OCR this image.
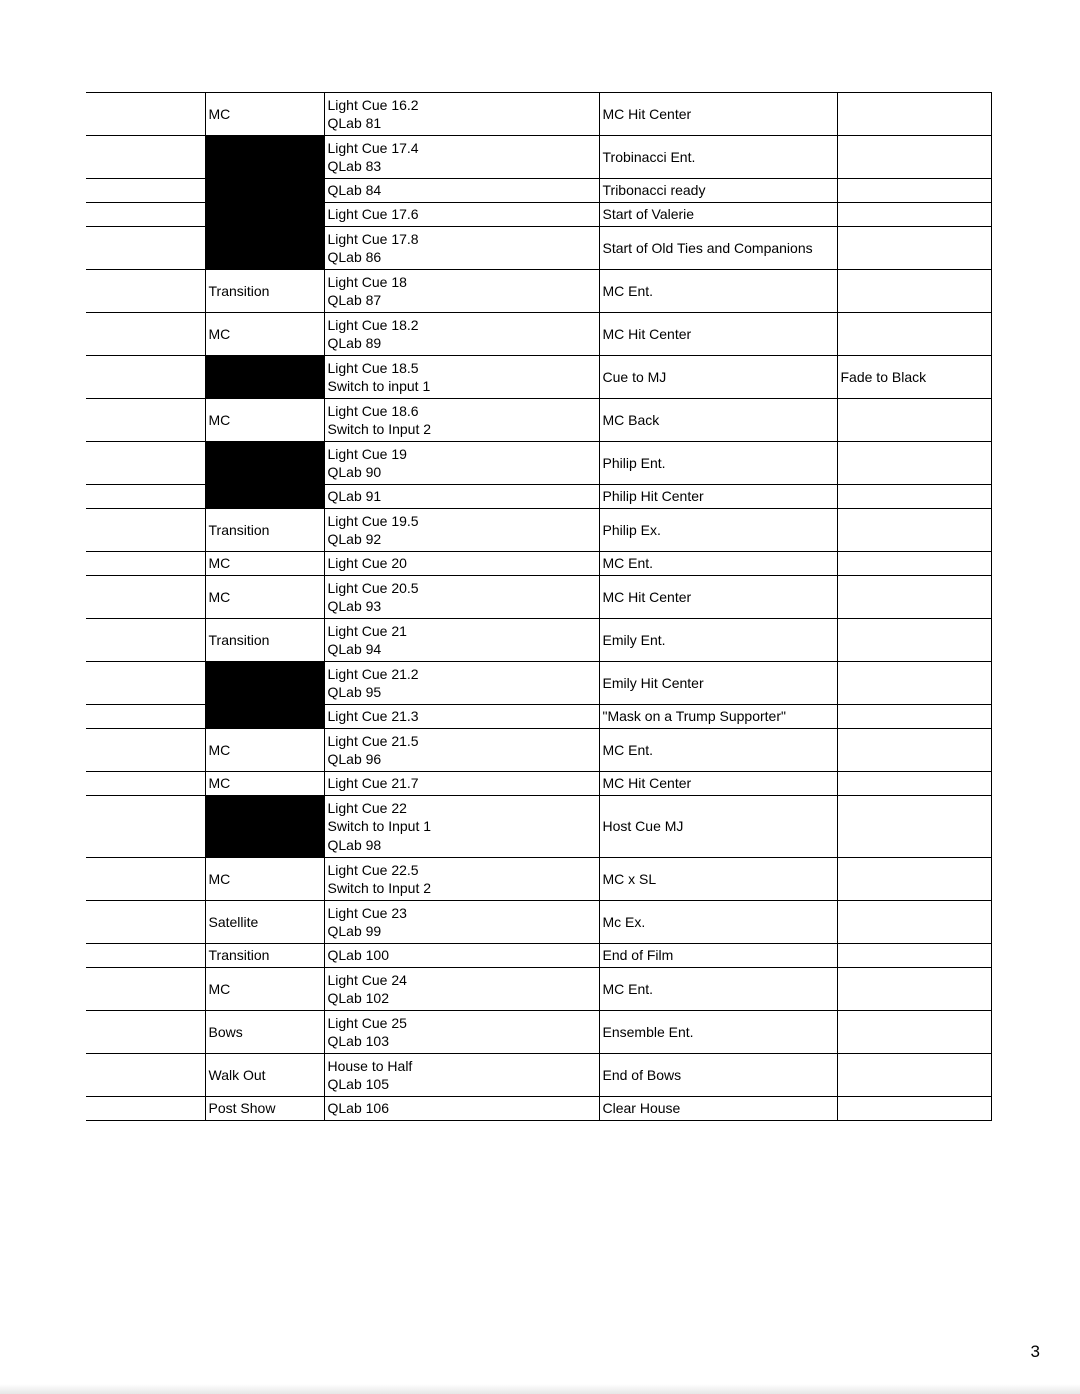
	MC	Light Cue 16.2
QLab 81	MC Hit Center	

		Light Cue 17.4
QLab 83	Trobinacci Ent.	

		QLab 84	Tribonacci ready	

		Light Cue 17.6	Start of Valerie	

		Light Cue 17.8
QLab 86	Start of Old Ties and Companions	
	Transition	Light Cue 18
QLab 87	MC Ent.	
	MC	Light Cue 18.2
QLab 89	MC Hit Center	

		Light Cue 18.5
Switch to input 1	Cue to MJ	Fade to Black
	MC	Light Cue 18.6
Switch to Input 2	MC Back	

		Light Cue 19
QLab 90	Philip Ent.	

		QLab 91	Philip Hit Center	
	Transition	Light Cue 19.5
QLab 92	Philip Ex.	
	MC	Light Cue 20	MC Ent.	
	MC	Light Cue 20.5
QLab 93	MC Hit Center	
	Transition	Light Cue 21
QLab 94	Emily Ent.	

		Light Cue 21.2
QLab 95	Emily Hit Center	

		Light Cue 21.3	"Mask on a Trump Supporter"	
	MC	Light Cue 21.5
QLab 96	MC Ent.	
	MC	Light Cue 21.7	MC Hit Center	

		Light Cue 22
Switch to Input 1
QLab 98	Host Cue MJ	
	MC	Light Cue 22.5
Switch to Input 2	MC x SL	
	Satellite	Light Cue 23
QLab 99	Mc Ex.	
	Transition	QLab 100	End of Film	
	MC	Light Cue 24
QLab 102	MC Ent.	
	Bows	Light Cue 25
QLab 103	Ensemble Ent.	
	Walk Out	House to Half
QLab 105	End of Bows	
	Post Show	QLab 106	Clear House	
3
